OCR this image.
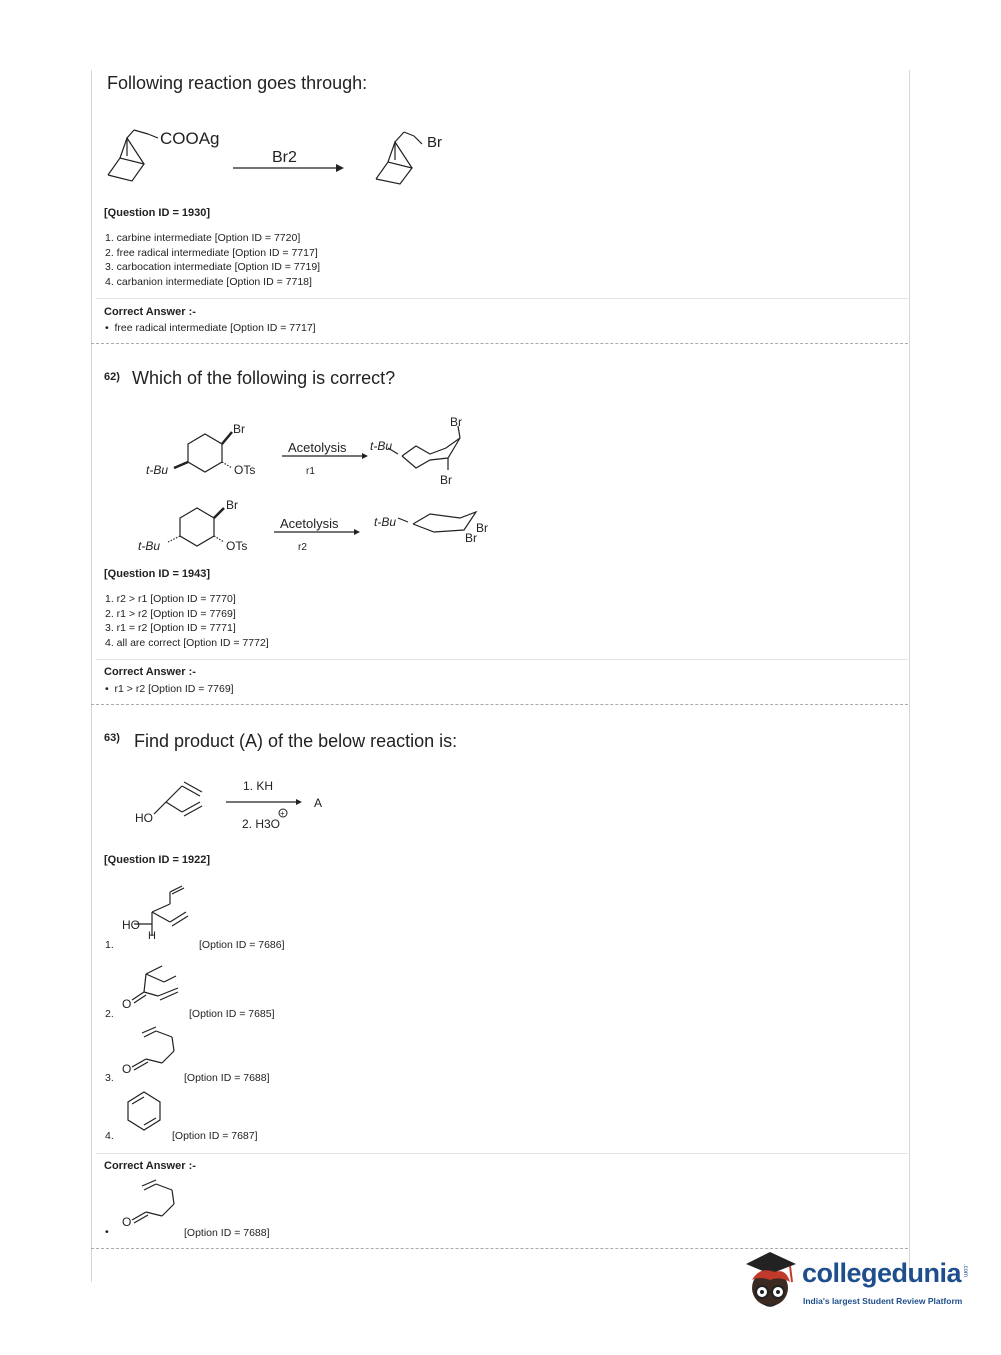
Following reaction goes through:
COOAg
Br2
Br
[Question ID = 1930]
1. carbine intermediate [Option ID = 7720]
2. free radical intermediate [Option ID = 7717]
3. carbocation intermediate [Option ID = 7719]
4. carbanion intermediate [Option ID = 7718]
Correct Answer :-
•  free radical intermediate [Option ID = 7717]
62) Which of the following is correct?
Br
OTs
t-Bu
Br
OTs
t-Bu
Acetolysis
r1
Acetolysis
r2
t-Bu
Br
Br
t-Bu	Br
Br
[Question ID = 1943]
1. r2 > r1 [Option ID = 7770]
2. r1 > r2 [Option ID = 7769]
3. r1 = r2 [Option ID = 7771]
4. all are correct [Option ID = 7772]
Correct Answer :-
•  r1 > r2 [Option ID = 7769]
63) Find product (A) of the below reaction is:
HO
1. KH
2. H3O
+
A
[Question ID = 1922]
HO
H
1.	[Option ID = 7686]
O
2.	[Option ID = 7685]
O
3.	[Option ID = 7688]
4.	[Option ID = 7687]
Correct Answer :-
O
•	[Option ID = 7688]
collegedunia .com
India's largest Student Review Platform
